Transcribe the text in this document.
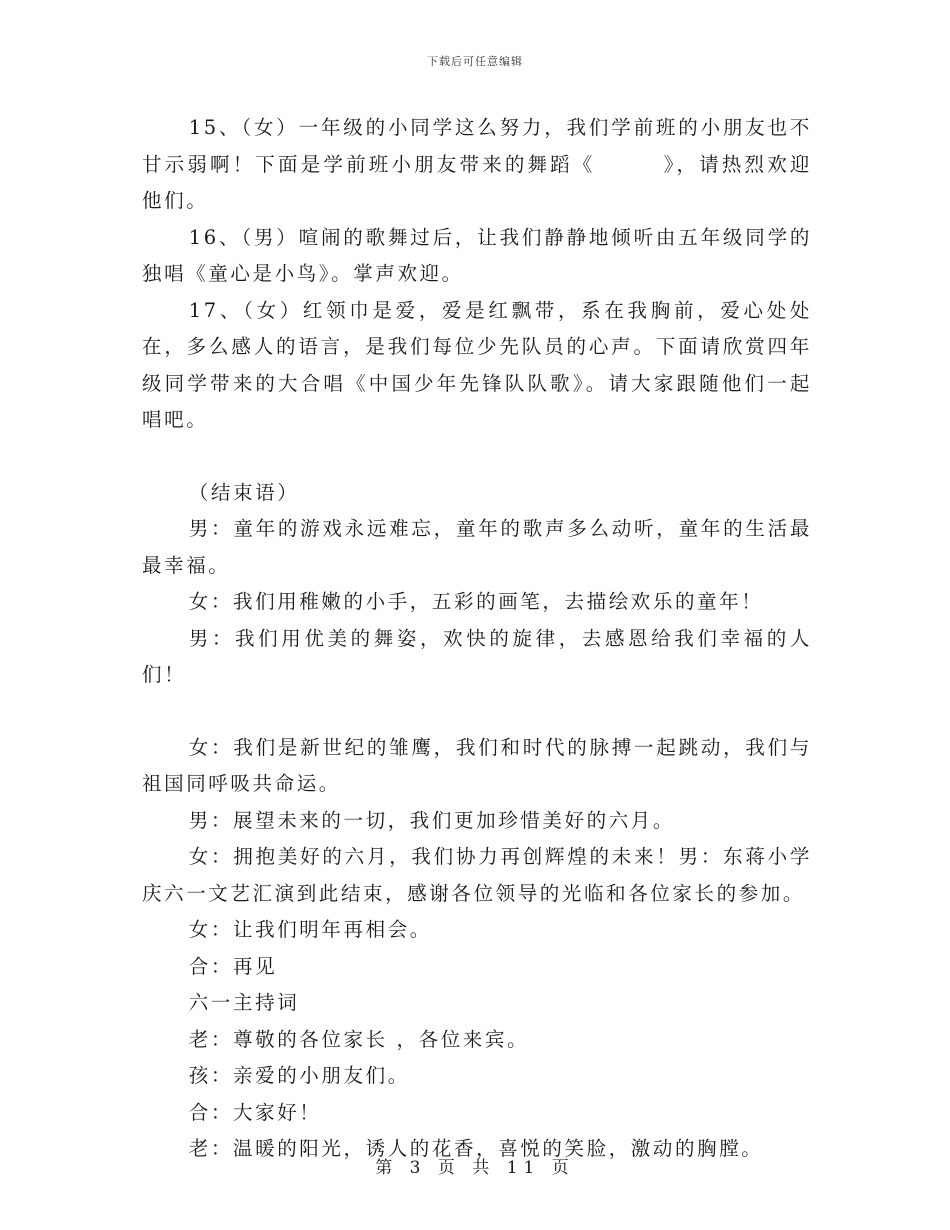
下载后可任意编辑

15、（女）一年级的小同学这么努力，我们学前班的小朋友也不甘示弱啊！下面是学前班小朋友带来的舞蹈《　　　》，请热烈欢迎他们。

16、（男）喧闹的歌舞过后，让我们静静地倾听由五年级同学的独唱《童心是小鸟》。掌声欢迎。

17、（女）红领巾是爱，爱是红飘带，系在我胸前，爱心处处在，多么感人的语言，是我们每位少先队员的心声。下面请欣赏四年级同学带来的大合唱《中国少年先锋队队歌》。请大家跟随他们一起唱吧。

（结束语）

男：童年的游戏永远难忘，童年的歌声多么动听，童年的生活最最幸福。

女：我们用稚嫩的小手，五彩的画笔，去描绘欢乐的童年！

男：我们用优美的舞姿，欢快的旋律，去感恩给我们幸福的人们！

女：我们是新世纪的雏鹰，我们和时代的脉搏一起跳动，我们与祖国同呼吸共命运。

男：展望未来的一切，我们更加珍惜美好的六月。

女：拥抱美好的六月，我们协力再创辉煌的未来！男：东蒋小学庆六一文艺汇演到此结束，感谢各位领导的光临和各位家长的参加。

女：让我们明年再相会。

合：再见

六一主持词

老：尊敬的各位家长 ，各位来宾。

孩：亲爱的小朋友们。

合：大家好！

老：温暖的阳光，诱人的花香，喜悦的笑脸，激动的胸膛。

第 3 页 共 11 页
